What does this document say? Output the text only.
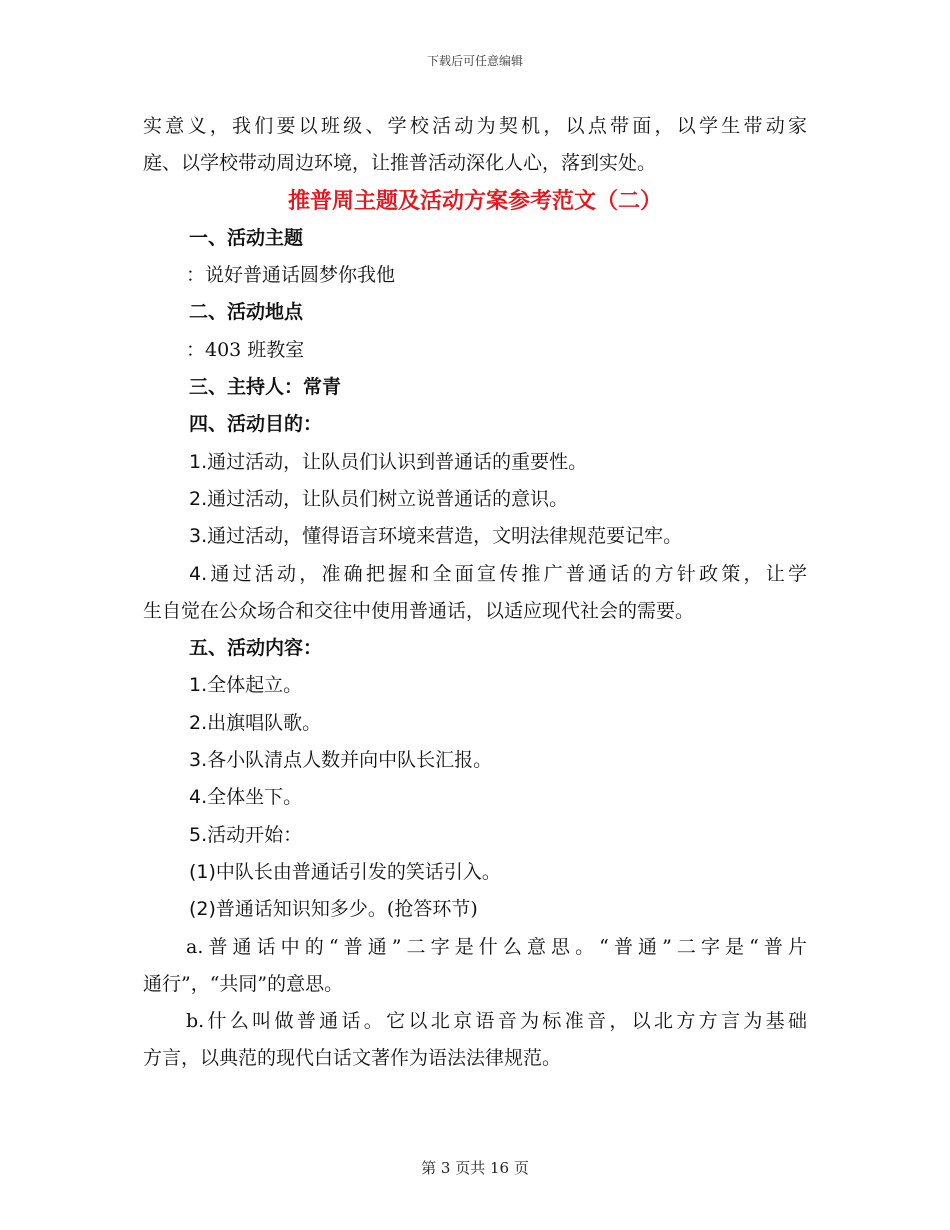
下载后可任意编辑
实意义，我们要以班级、学校活动为契机，以点带面，以学生带动家
庭、以学校带动周边环境，让推普活动深化人心，落到实处。
推普周主题及活动方案参考范文（二）
一、活动主题
：说好普通话圆梦你我他
二、活动地点
：403 班教室
三、主持人：常青
四、活动目的：
1.通过活动，让队员们认识到普通话的重要性。
2.通过活动，让队员们树立说普通话的意识。
3.通过活动，懂得语言环境来营造，文明法律规范要记牢。
4.通过活动，准确把握和全面宣传推广普通话的方针政策，让学
生自觉在公众场合和交往中使用普通话，以适应现代社会的需要。
五、活动内容：
1.全体起立。
2.出旗唱队歌。
3.各小队清点人数并向中队长汇报。
4.全体坐下。
5.活动开始：
(1)中队长由普通话引发的笑话引入。
(2)普通话知识知多少。(抢答环节)
a.普通话中的“普通”二字是什么意思。“普通”二字是“普片
通行”，“共同”的意思。
b.什么叫做普通话。它以北京语音为标准音，以北方方言为基础
方言，以典范的现代白话文著作为语法法律规范。
第 3 页共 16 页
